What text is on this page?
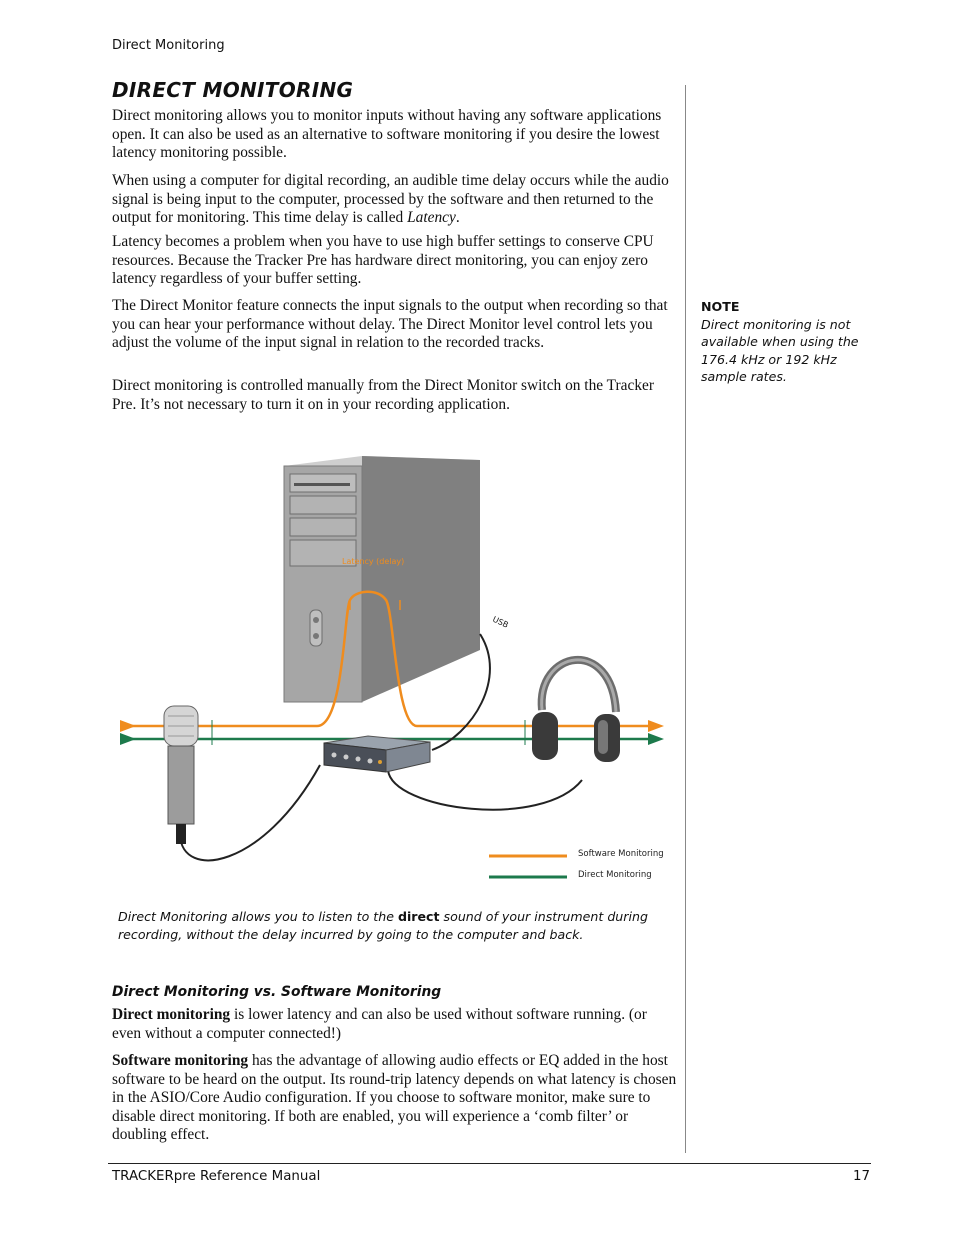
Direct Monitoring
DIRECT MONITORING

Direct monitoring allows you to monitor inputs without having any software applications open. It can also be used as an alternative to software monitoring if you desire the lowest latency monitoring possible.

When using a computer for digital recording, an audible time delay occurs while the audio signal is being input to the computer, processed by the software and then returned to the output for monitoring. This time delay is called Latency.

Latency becomes a problem when you have to use high buffer settings to conserve CPU resources. Because the Tracker Pre has hardware direct monitoring, you can enjoy zero latency regardless of your buffer setting.

The Direct Monitor feature connects the input signals to the output when recording so that you can hear your performance without delay. The Direct Monitor level control lets you adjust the volume of the input signal in relation to the recorded tracks.

Direct monitoring is controlled manually from the Direct Monitor switch on the Tracker Pre. It’s not necessary to turn it on in your recording application.

NOTE
Direct monitoring is not available when using the 176.4 kHz or 192 kHz sample rates.
Latency (delay)
USB
Software Monitoring
Direct Monitoring
Direct Monitoring allows you to listen to the direct sound of your instrument during recording, without the delay incurred by going to the computer and back.
Direct Monitoring vs. Software Monitoring

Direct monitoring is lower latency and can also be used without software running. (or even without a computer connected!)

Software monitoring has the advantage of allowing audio effects or EQ added in the host software to be heard on the output. Its round-trip latency depends on what latency is chosen in the ASIO/Core Audio configuration. If you choose to software monitor, make sure to disable direct monitoring. If both are enabled, you will experience a ‘comb filter’ or doubling effect.

TRACKERpre Reference Manual	17
